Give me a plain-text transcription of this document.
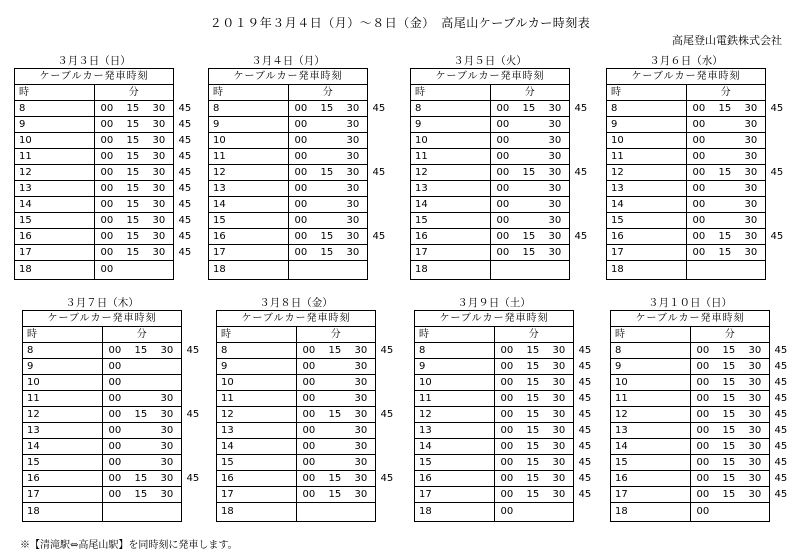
２０１９年３月４日（月）～８日（金）　高尾山ケーブルカー時刻表
高尾登山電鉄株式会社
３月３日（日）
ケーブルカー発車時刻	
時	分
8	00 15 30 45
9	00 15 30 45
10	00 15 30 45
11	00 15 30 45
12	00 15 30 45
13	00 15 30 45
14	00 15 30 45
15	00 15 30 45
16	00 15 30 45
17	00 15 30 45
18	00
３月４日（月）
ケーブルカー発車時刻	
時	分
8	00 15 30 45
9	00 30
10	00 30
11	00 30
12	00 15 30 45
13	00 30
14	00 30
15	00 30
16	00 15 30 45
17	00 15 30
18	
３月５日（火）
ケーブルカー発車時刻	
時	分
8	00 15 30 45
9	00 30
10	00 30
11	00 30
12	00 15 30 45
13	00 30
14	00 30
15	00 30
16	00 15 30 45
17	00 15 30
18	
３月６日（水）
ケーブルカー発車時刻	
時	分
8	00 15 30 45
9	00 30
10	00 30
11	00 30
12	00 15 30 45
13	00 30
14	00 30
15	00 30
16	00 15 30 45
17	00 15 30
18	
３月７日（木）
ケーブルカー発車時刻	
時	分
8	00 15 30 45
9	00
10	00
11	00 30
12	00 15 30 45
13	00 30
14	00 30
15	00 30
16	00 15 30 45
17	00 15 30
18	
３月８日（金）
ケーブルカー発車時刻	
時	分
8	00 15 30 45
9	00 30
10	00 30
11	00 30
12	00 15 30 45
13	00 30
14	00 30
15	00 30
16	00 15 30 45
17	00 15 30
18	
３月９日（土）
ケーブルカー発車時刻	
時	分
8	00 15 30 45
9	00 15 30 45
10	00 15 30 45
11	00 15 30 45
12	00 15 30 45
13	00 15 30 45
14	00 15 30 45
15	00 15 30 45
16	00 15 30 45
17	00 15 30 45
18	00
３月１０日（日）
ケーブルカー発車時刻	
時	分
8	00 15 30 45
9	00 15 30 45
10	00 15 30 45
11	00 15 30 45
12	00 15 30 45
13	00 15 30 45
14	00 15 30 45
15	00 15 30 45
16	00 15 30 45
17	00 15 30 45
18	00
※【清滝駅⇔高尾山駅】を同時刻に発車します。
